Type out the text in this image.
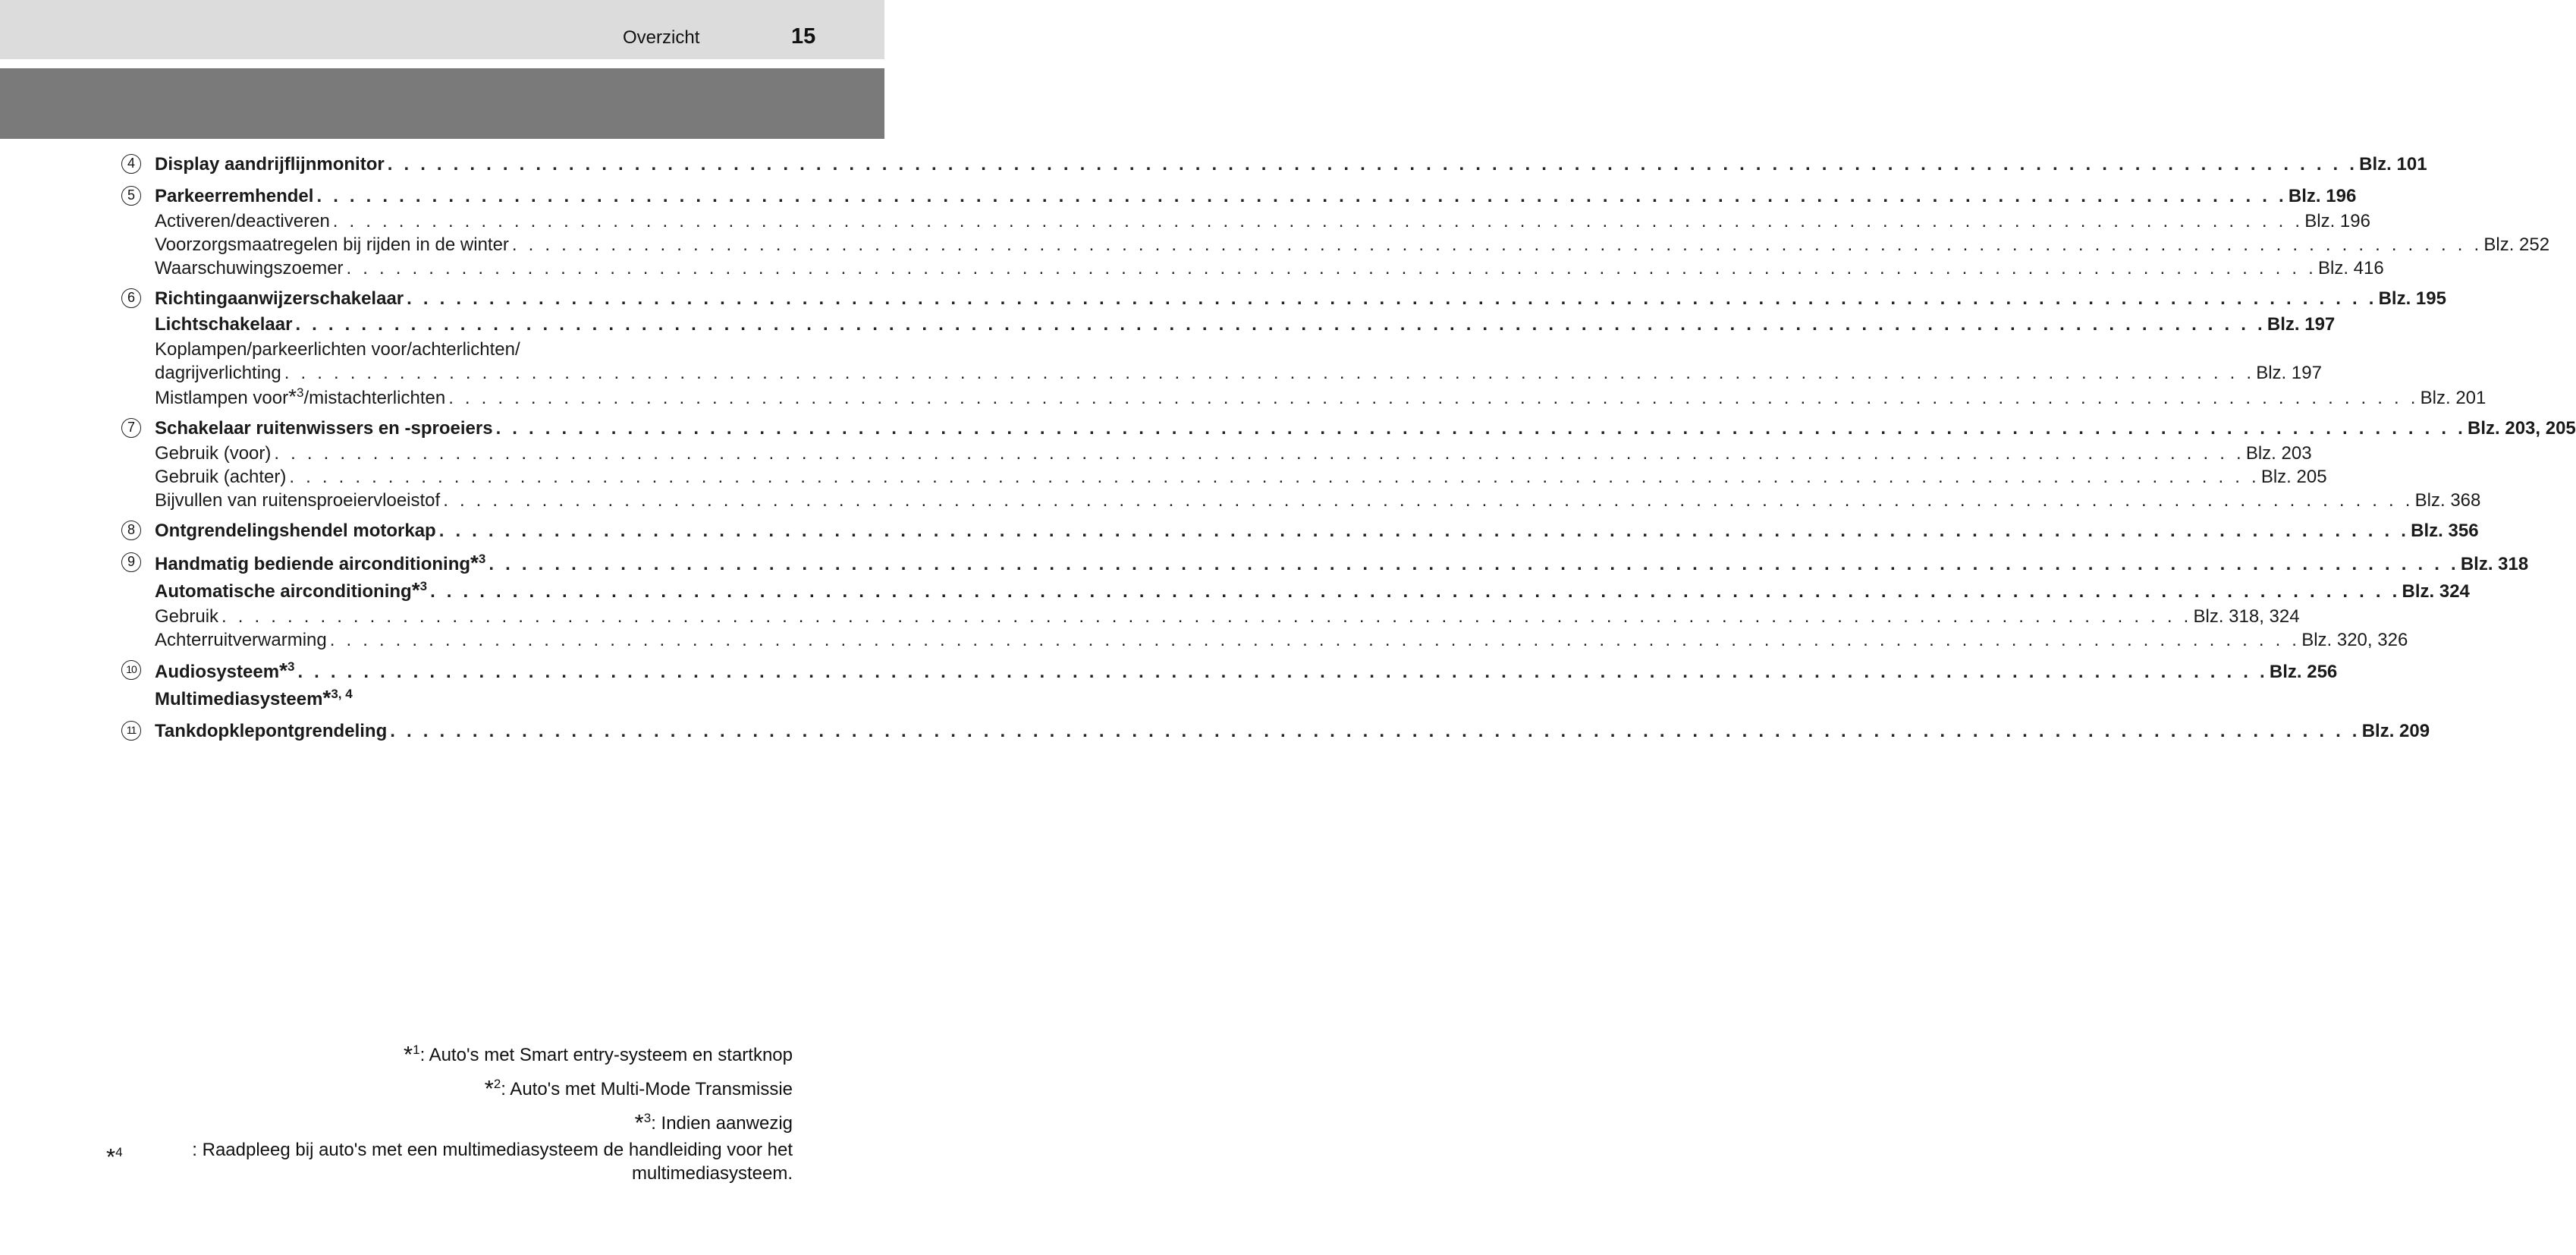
Overzicht	15
4	Display aandrijflijnmonitor . . . . . . . . . . . . . . . . . . . . . . . . . . . . . . . . . . . . . . . . . . . . . . . . . . . . . . . . . . . . . . . . . . . . . . . . . . . . . . . . . . . . . . . . . . . . . . . . . . . . . . . . . . . . . . . . . . . . . . . . Blz. 101
5	Parkeerremhendel . . . . . . . . . . . . . . . . . . . . . . . . . . . . . . . . . . . . . . . . . . . . . . . . . . . . . . . . . . . . . . . . . . . . . . . . . . . . . . . . . . . . . . . . . . . . . . . . . . . . . . . . . . . . . . . . . . . . . . . . Blz. 196
Activeren/deactiveren . . . . . . . . . . . . . . . . . . . . . . . . . . . . . . . . . . . . . . . . . . . . . . . . . . . . . . . . . . . . . . . . . . . . . . . . . . . . . . . . . . . . . . . . . . . . . . . . . . . . . . . . . . . . . . . . . . . . . . . . Blz. 196
Voorzorgsmaatregelen bij rijden in de winter . . . . . . . . . . . . . . . . . . . . . . . . . . . . . . . . . . . . . . . . . . . . . . . . . . . . . . . . . . . . . . . . . . . . . . . . . . . . . . . . . . . . . . . . . . . . . . . . . . . . . . . . . . . . . . . . . . . . . . . . Blz. 252
Waarschuwingszoemer . . . . . . . . . . . . . . . . . . . . . . . . . . . . . . . . . . . . . . . . . . . . . . . . . . . . . . . . . . . . . . . . . . . . . . . . . . . . . . . . . . . . . . . . . . . . . . . . . . . . . . . . . . . . . . . . . . . . . . . . Blz. 416
6	Richtingaanwijzerschakelaar . . . . . . . . . . . . . . . . . . . . . . . . . . . . . . . . . . . . . . . . . . . . . . . . . . . . . . . . . . . . . . . . . . . . . . . . . . . . . . . . . . . . . . . . . . . . . . . . . . . . . . . . . . . . . . . . . . . . . . . . Blz. 195
Lichtschakelaar . . . . . . . . . . . . . . . . . . . . . . . . . . . . . . . . . . . . . . . . . . . . . . . . . . . . . . . . . . . . . . . . . . . . . . . . . . . . . . . . . . . . . . . . . . . . . . . . . . . . . . . . . . . . . . . . . . . . . . . . Blz. 197
Koplampen/parkeerlichten voor/achterlichten/
dagrijverlichting . . . . . . . . . . . . . . . . . . . . . . . . . . . . . . . . . . . . . . . . . . . . . . . . . . . . . . . . . . . . . . . . . . . . . . . . . . . . . . . . . . . . . . . . . . . . . . . . . . . . . . . . . . . . . . . . . . . . . . . . Blz. 197
Mistlampen voor*$^3$/mistachterlichten . . . . . . . . . . . . . . . . . . . . . . . . . . . . . . . . . . . . . . . . . . . . . . . . . . . . . . . . . . . . . . . . . . . . . . . . . . . . . . . . . . . . . . . . . . . . . . . . . . . . . . . . . . . . . . . . . . . . . . . . Blz. 201
7	Schakelaar ruitenwissers en -sproeiers . . . . . . . . . . . . . . . . . . . . . . . . . . . . . . . . . . . . . . . . . . . . . . . . . . . . . . . . . . . . . . . . . . . . . . . . . . . . . . . . . . . . . . . . . . . . . . . . . . . . . . . . . . . . . . . . . . . . . . . . Blz. 203, 205
Gebruik (voor) . . . . . . . . . . . . . . . . . . . . . . . . . . . . . . . . . . . . . . . . . . . . . . . . . . . . . . . . . . . . . . . . . . . . . . . . . . . . . . . . . . . . . . . . . . . . . . . . . . . . . . . . . . . . . . . . . . . . . . . . Blz. 203
Gebruik (achter) . . . . . . . . . . . . . . . . . . . . . . . . . . . . . . . . . . . . . . . . . . . . . . . . . . . . . . . . . . . . . . . . . . . . . . . . . . . . . . . . . . . . . . . . . . . . . . . . . . . . . . . . . . . . . . . . . . . . . . . . Blz. 205
Bijvullen van ruitensproeiervloeistof . . . . . . . . . . . . . . . . . . . . . . . . . . . . . . . . . . . . . . . . . . . . . . . . . . . . . . . . . . . . . . . . . . . . . . . . . . . . . . . . . . . . . . . . . . . . . . . . . . . . . . . . . . . . . . . . . . . . . . . . Blz. 368
8	Ontgrendelingshendel motorkap . . . . . . . . . . . . . . . . . . . . . . . . . . . . . . . . . . . . . . . . . . . . . . . . . . . . . . . . . . . . . . . . . . . . . . . . . . . . . . . . . . . . . . . . . . . . . . . . . . . . . . . . . . . . . . . . . . . . . . . . Blz. 356
9	Handmatig bediende airconditioning*$^3$ . . . . . . . . . . . . . . . . . . . . . . . . . . . . . . . . . . . . . . . . . . . . . . . . . . . . . . . . . . . . . . . . . . . . . . . . . . . . . . . . . . . . . . . . . . . . . . . . . . . . . . . . . . . . . . . . . . . . . . . . Blz. 318
Automatische airconditioning*$^3$ . . . . . . . . . . . . . . . . . . . . . . . . . . . . . . . . . . . . . . . . . . . . . . . . . . . . . . . . . . . . . . . . . . . . . . . . . . . . . . . . . . . . . . . . . . . . . . . . . . . . . . . . . . . . . . . . . . . . . . . . Blz. 324
Gebruik . . . . . . . . . . . . . . . . . . . . . . . . . . . . . . . . . . . . . . . . . . . . . . . . . . . . . . . . . . . . . . . . . . . . . . . . . . . . . . . . . . . . . . . . . . . . . . . . . . . . . . . . . . . . . . . . . . . . . . . . Blz. 318, 324
Achterruitverwarming . . . . . . . . . . . . . . . . . . . . . . . . . . . . . . . . . . . . . . . . . . . . . . . . . . . . . . . . . . . . . . . . . . . . . . . . . . . . . . . . . . . . . . . . . . . . . . . . . . . . . . . . . . . . . . . . . . . . . . . . Blz. 320, 326
10 Audiosysteem*$^3$ . . . . . . . . . . . . . . . . . . . . . . . . . . . . . . . . . . . . . . . . . . . . . . . . . . . . . . . . . . . . . . . . . . . . . . . . . . . . . . . . . . . . . . . . . . . . . . . . . . . . . . . . . . . . . . . . . . . . . . . . Blz. 256
Multimediasysteem*$^{3, 4}$
11 Tankdopklepontgrendeling . . . . . . . . . . . . . . . . . . . . . . . . . . . . . . . . . . . . . . . . . . . . . . . . . . . . . . . . . . . . . . . . . . . . . . . . . . . . . . . . . . . . . . . . . . . . . . . . . . . . . . . . . . . . . . . . . . . . . . . . Blz. 209
*$^1$: Auto's met Smart entry-systeem en startknop
*$^2$: Auto's met Multi-Mode Transmissie
*$^3$: Indien aanwezig
*$^4$	: Raadpleeg bij auto's met een multimediasysteem de handleiding voor het multimediasysteem.
